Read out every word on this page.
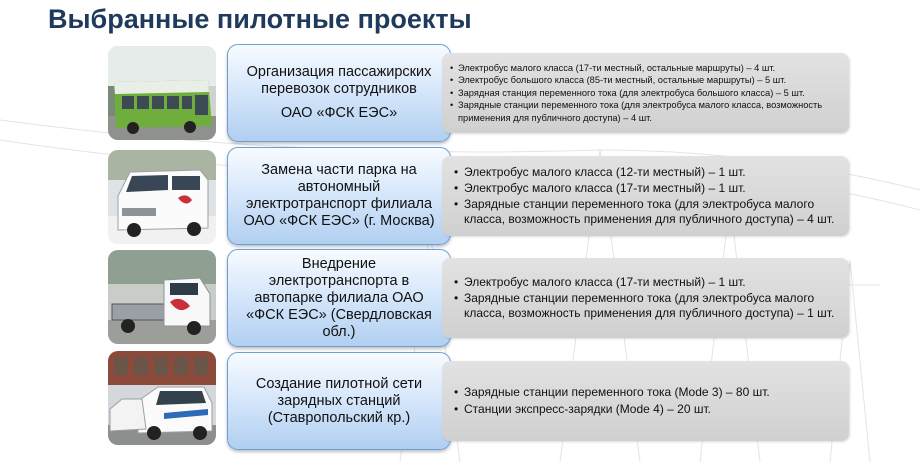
Выбранные пилотные проекты
Организация пассажирских перевозок сотрудников
ОАО «ФСК ЕЭС»
• Электробус малого класса (17-ти местный, остальные маршруты) – 4 шт.
• Электробус большого класса (85-ти местный, остальные маршруты) – 5 шт.
• Зарядная станция переменного тока (для электробуса большого класса) – 5 шт.
• Зарядные станции переменного тока (для электробуса малого класса, возможность применения для публичного доступа) – 4 шт.
Замена части парка на автономный электротранспорт филиала ОАО «ФСК ЕЭС» (г. Москва)
• Электробус малого класса (12-ти местный) – 1 шт.
• Электробус малого класса (17-ти местный) – 1 шт.
• Зарядные станции переменного тока (для электробуса малого класса, возможность применения для публичного доступа) – 4 шт.
Внедрение электротранспорта в автопарке филиала ОАО «ФСК ЕЭС» (Свердловская обл.)
• Электробус малого класса (17-ти местный) – 1 шт.
• Зарядные станции переменного тока (для электробуса малого класса, возможность применения для публичного доступа) – 1 шт.
Создание пилотной сети зарядных станций (Ставропольский кр.)
• Зарядные станции переменного тока (Mode 3) – 80 шт.
• Станции экспресс-зарядки (Mode 4) – 20 шт.
